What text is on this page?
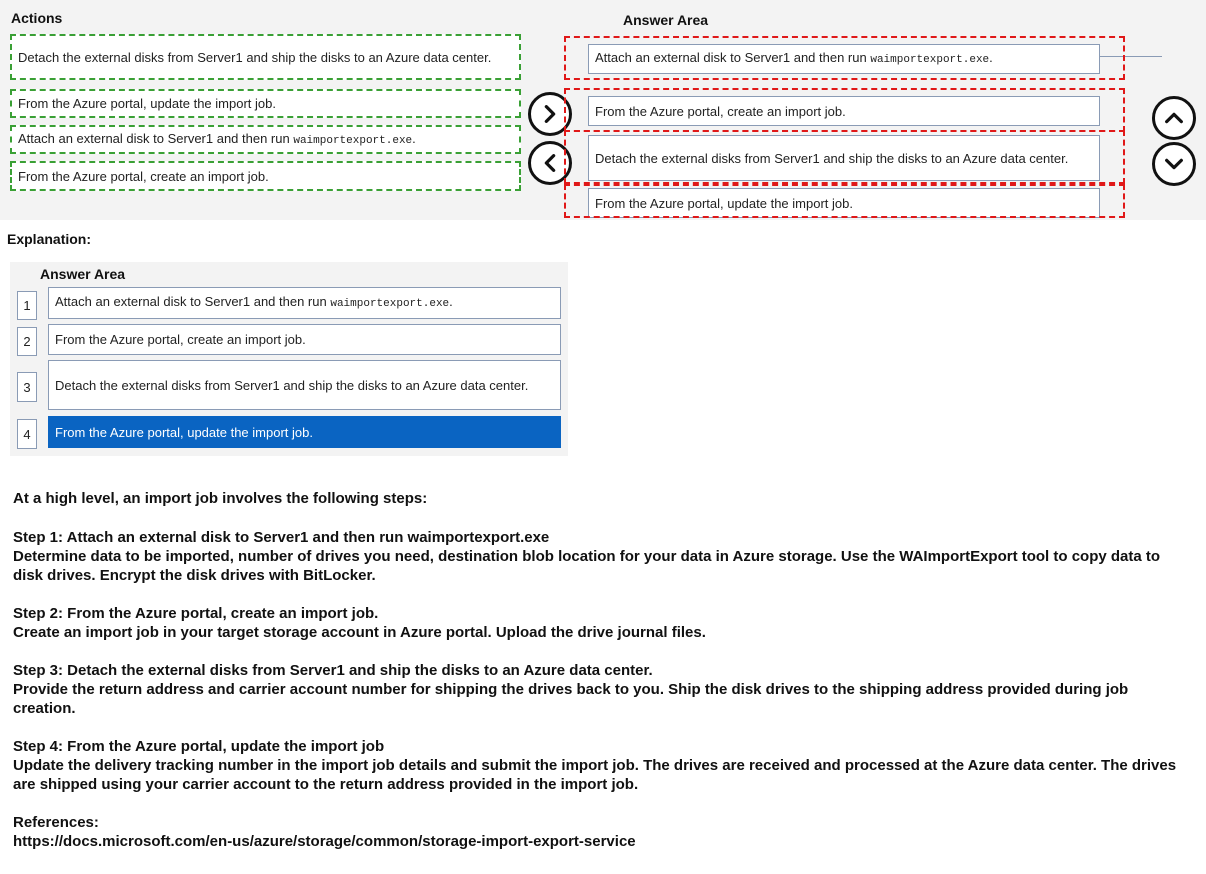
Actions	Answer Area
Detach the external disks from Server1 and ship the disks to an Azure data center.
From the Azure portal, update the import job.
Attach an external disk to Server1 and then run waimportexport.exe.
From the Azure portal, create an import job.
Attach an external disk to Server1 and then run waimportexport.exe.
From the Azure portal, create an import job.
Detach the external disks from Server1 and ship the disks to an Azure data center.
From the Azure portal, update the import job.
Explanation:
Answer Area
1	Attach an external disk to Server1 and then run waimportexport.exe.
2	From the Azure portal, create an import job.
3	Detach the external disks from Server1 and ship the disks to an Azure data center.
4	From the Azure portal, update the import job.
At a high level, an import job involves the following steps:
Step 1: Attach an external disk to Server1 and then run waimportexport.exe
Determine data to be imported, number of drives you need, destination blob location for your data in Azure storage. Use the WAImportExport tool to copy data to disk drives. Encrypt the disk drives with BitLocker.
Step 2: From the Azure portal, create an import job.
Create an import job in your target storage account in Azure portal. Upload the drive journal files.
Step 3: Detach the external disks from Server1 and ship the disks to an Azure data center.
Provide the return address and carrier account number for shipping the drives back to you. Ship the disk drives to the shipping address provided during job creation.
Step 4: From the Azure portal, update the import job
Update the delivery tracking number in the import job details and submit the import job. The drives are received and processed at the Azure data center. The drives are shipped using your carrier account to the return address provided in the import job.
References:
https://docs.microsoft.com/en-us/azure/storage/common/storage-import-export-service
